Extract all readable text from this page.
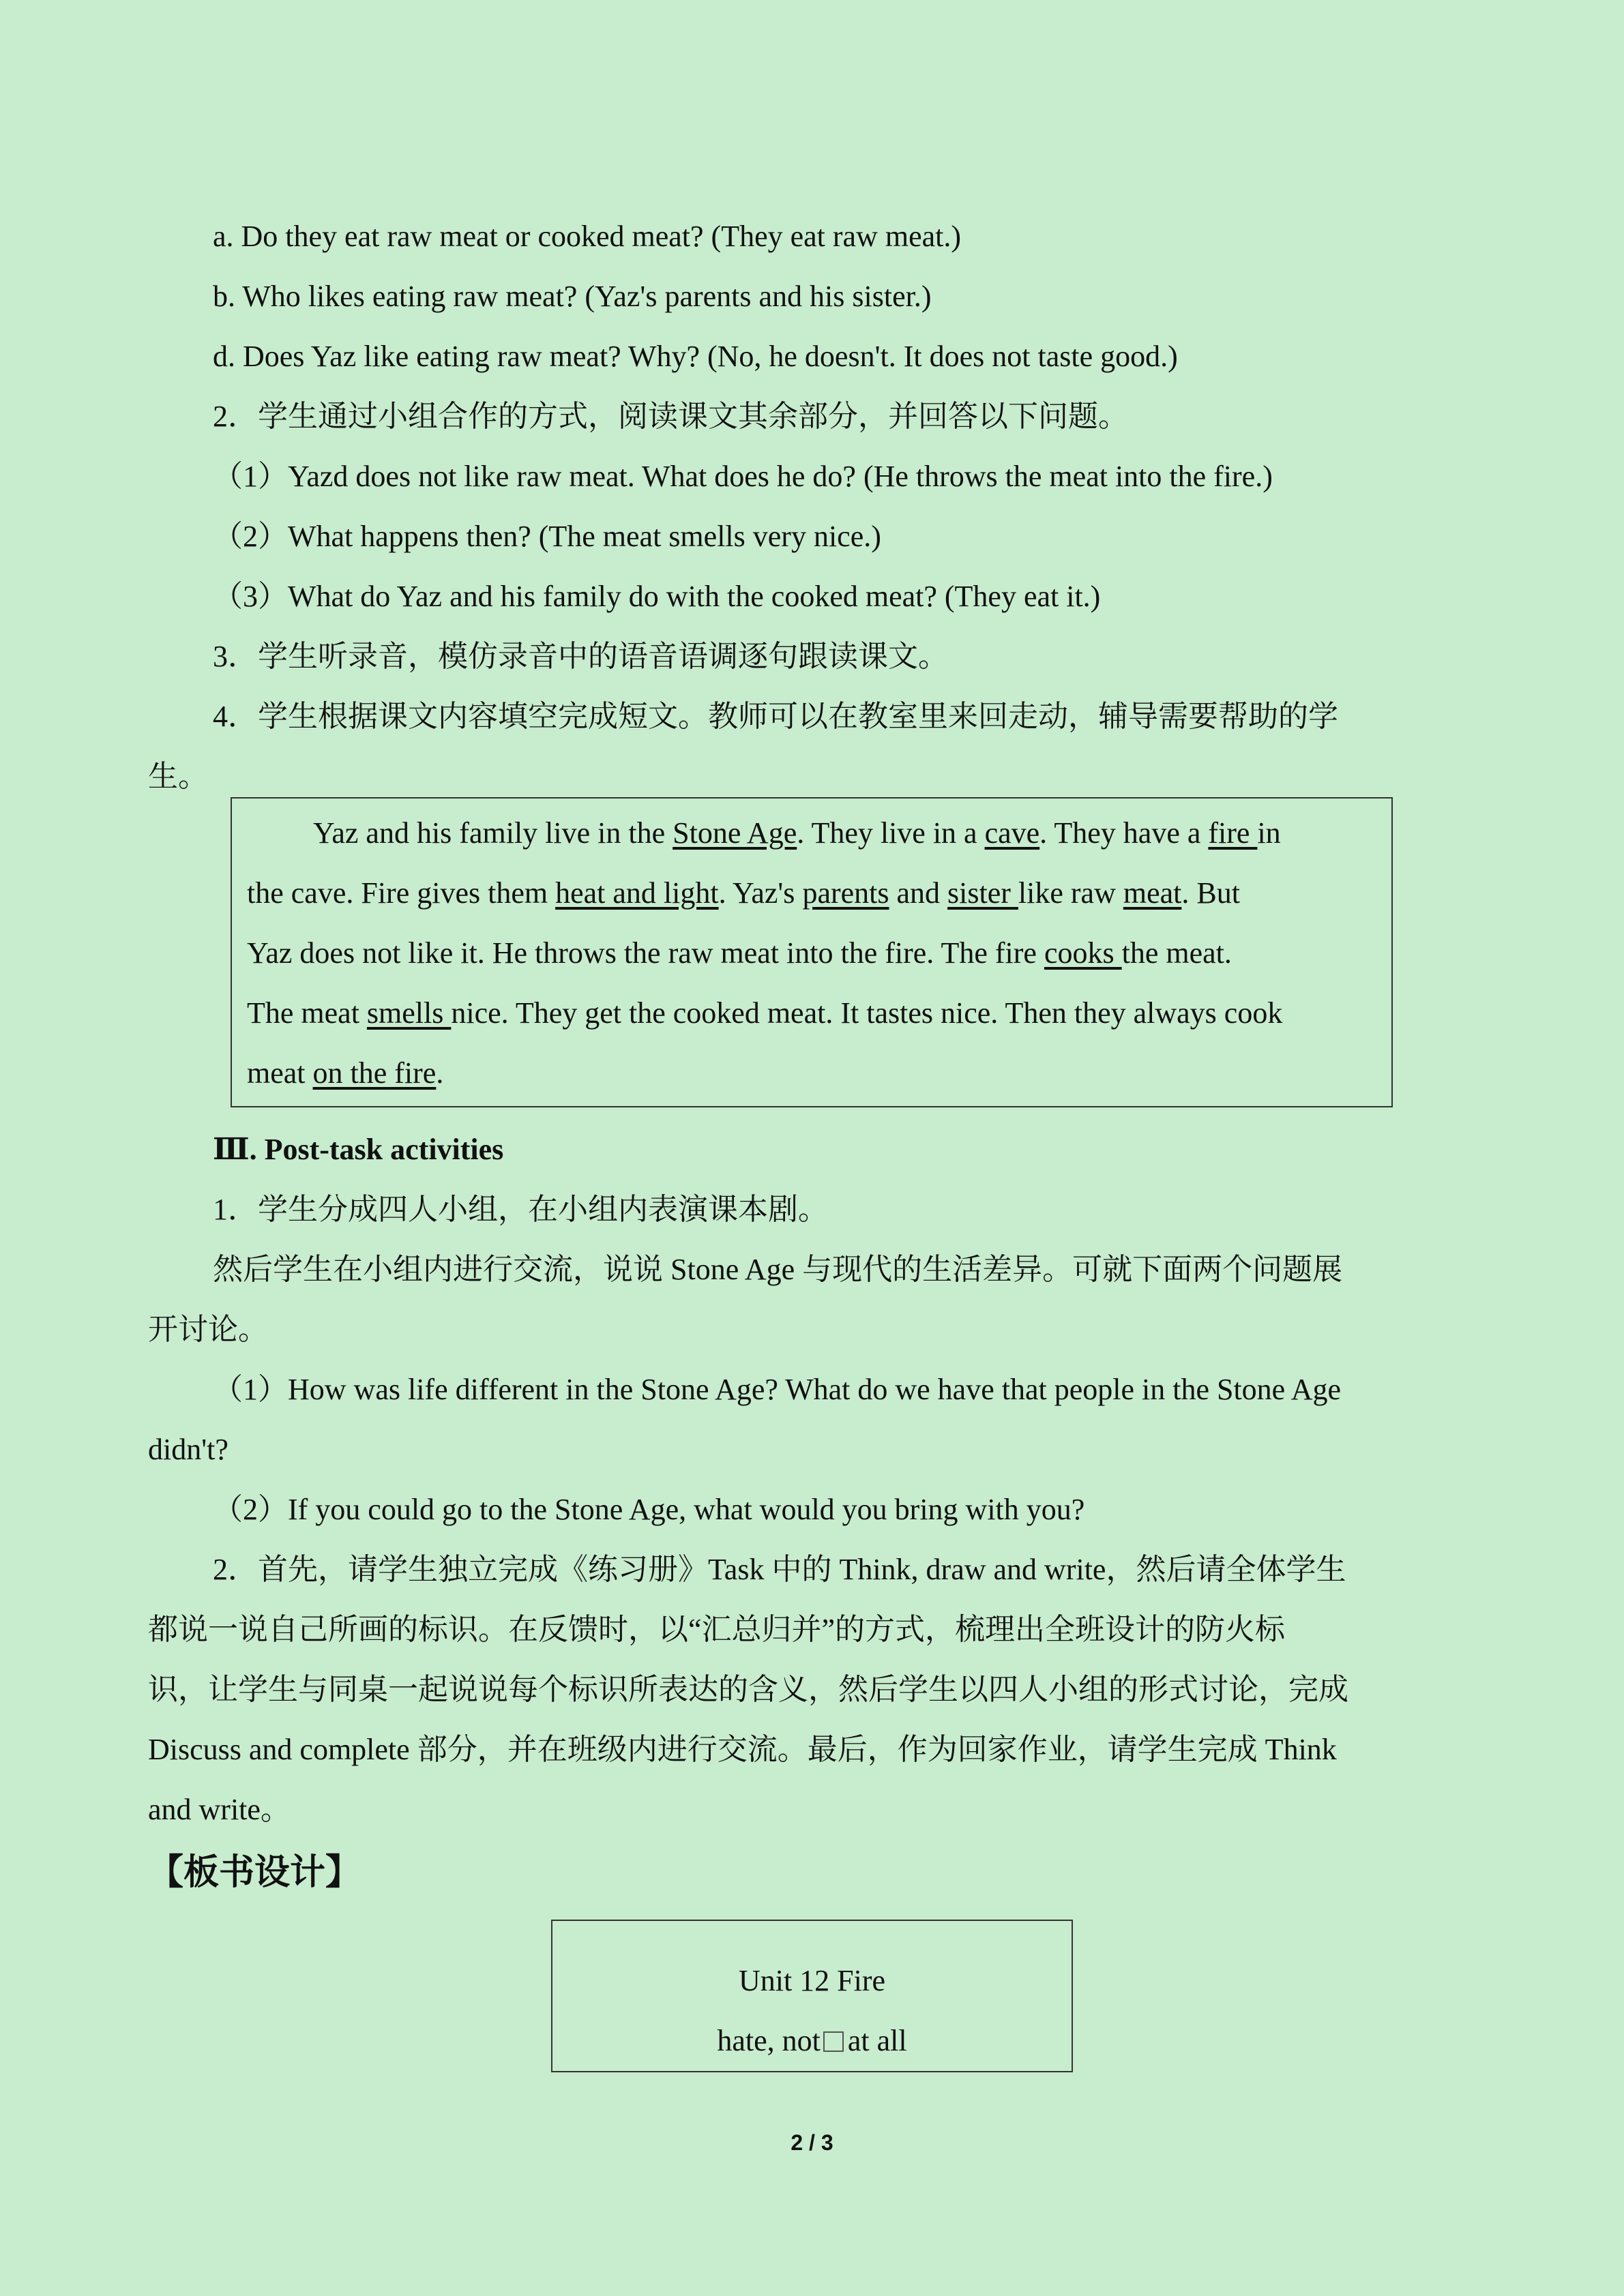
a. Do they eat raw meat or cooked meat? (They eat raw meat.)
b. Who likes eating raw meat? (Yaz's parents and his sister.)
d. Does Yaz like eating raw meat? Why? (No, he doesn't. It does not taste good.)
2．学生通过小组合作的方式，阅读课文其余部分，并回答以下问题。
（1）Yazd does not like raw meat. What does he do? (He throws the meat into the fire.)
（2）What happens then? (The meat smells very nice.)
（3）What do Yaz and his family do with the cooked meat? (They eat it.)
3．学生听录音，模仿录音中的语音语调逐句跟读课文。
4．学生根据课文内容填空完成短文。教师可以在教室里来回走动，辅导需要帮助的学
生。
Yaz and his family live in the Stone Age. They live in a cave. They have a fire in
the cave. Fire gives them heat and light. Yaz's parents and sister like raw meat. But
Yaz does not like it. He throws the raw meat into the fire. The fire cooks the meat.
The meat smells nice. They get the cooked meat. It tastes nice. Then they always cook
meat on the fire.
Ⅲ. Post-task activities
1．学生分成四人小组，在小组内表演课本剧。
然后学生在小组内进行交流，说说 Stone Age 与现代的生活差异。可就下面两个问题展
开讨论。
（1）How was life different in the Stone Age? What do we have that people in the Stone Age
didn't?
（2）If you could go to the Stone Age, what would you bring with you?
2．首先，请学生独立完成《练习册》Task 中的 Think, draw and write，然后请全体学生
都说一说自己所画的标识。在反馈时，以“汇总归并”的方式，梳理出全班设计的防火标
识，让学生与同桌一起说说每个标识所表达的含义，然后学生以四人小组的形式讨论，完成
Discuss and complete 部分，并在班级内进行交流。最后，作为回家作业，请学生完成 Think
and write。
【板书设计】
Unit 12 Fire
hate, not at all
2 / 3
